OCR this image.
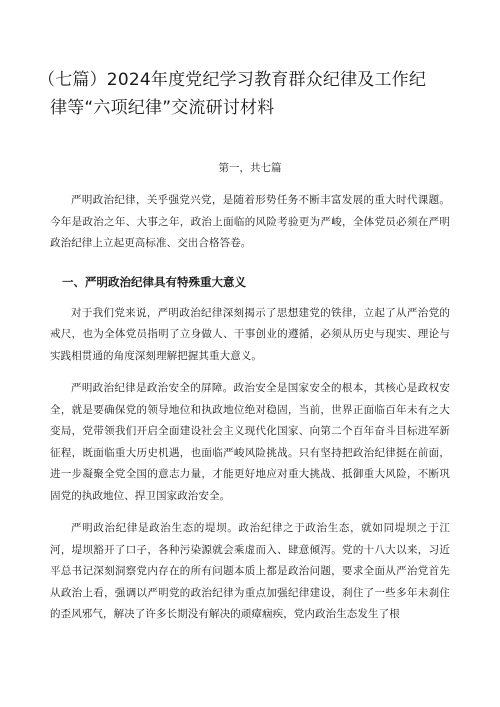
（七篇）2024年度党纪学习教育群众纪律及工作纪
律等“六项纪律”交流研讨材料

第一，共七篇

严明政治纪律，关乎强党兴党，是随着形势任务不断丰富发展的重大时代课题。今年是政治之年、大事之年，政治上面临的风险考验更为严峻，全体党员必须在严明政治纪律上立起更高标准、交出合格答卷。

一、严明政治纪律具有特殊重大意义

对于我们党来说，严明政治纪律深刻揭示了思想建党的铁律，立起了从严治党的戒尺，也为全体党员指明了立身做人、干事创业的遵循，必须从历史与现实、理论与实践相贯通的角度深刻理解把握其重大意义。

严明政治纪律是政治安全的屏障。政治安全是国家安全的根本，其核心是政权安全，就是要确保党的领导地位和执政地位绝对稳固，当前，世界正面临百年未有之大变局，党带领我们开启全面建设社会主义现代化国家、向第二个百年奋斗目标进军新征程，既面临重大历史机遇，也面临严峻风险挑战。只有坚持把政治纪律挺在前面，进一步凝聚全党全国的意志力量，才能更好地应对重大挑战、抵御重大风险，不断巩固党的执政地位、捍卫国家政治安全。

严明政治纪律是政治生态的堤坝。政治纪律之于政治生态，就如同堤坝之于江河，堤坝豁开了口子，各种污染源就会乘虚而入、肆意倾泻。党的十八大以来，习近平总书记深刻洞察党内存在的所有问题本质上都是政治问题，要求全面从严治党首先从政治上看，强调以严明党的政治纪律为重点加强纪律建设，刹住了一些多年未刹住的歪风邪气，解决了许多长期没有解决的顽瘴痼疾，党内政治生态发生了根
